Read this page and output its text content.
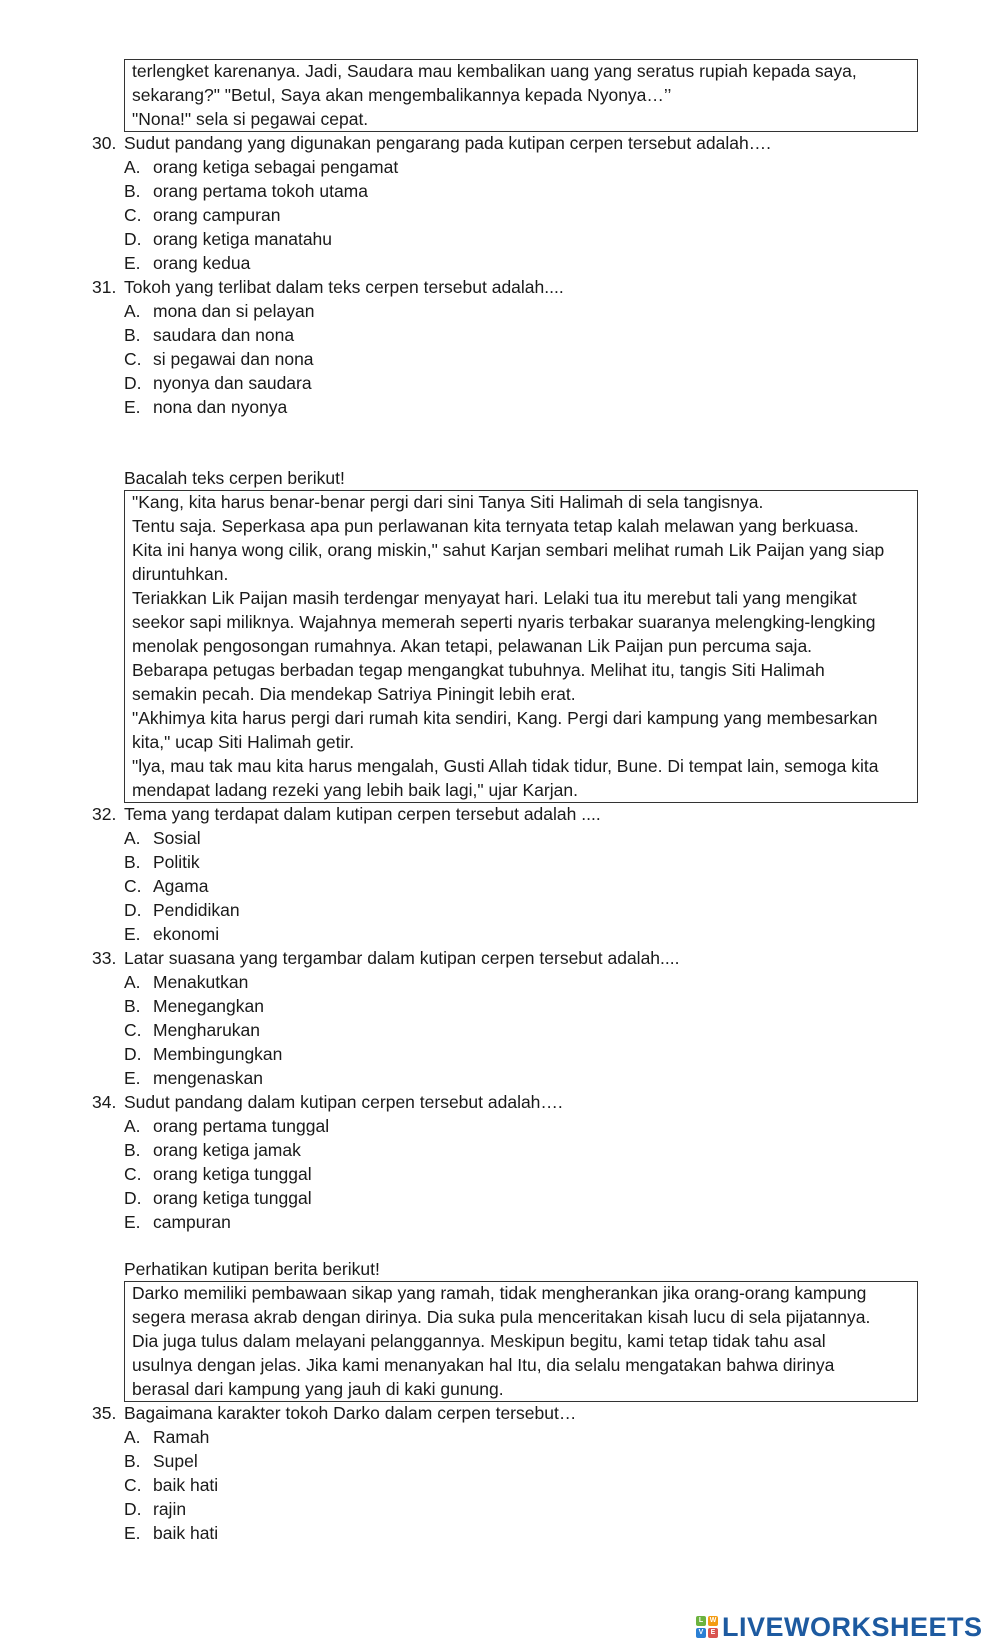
terlengket karenanya. Jadi, Saudara mau kembalikan uang yang seratus rupiah kepada saya,
sekarang?" "Betul, Saya akan mengembalikannya kepada Nyonya…’’
"Nona!" sela si pegawai cepat.
30. Sudut pandang yang digunakan pengarang pada kutipan cerpen tersebut adalah….
A. orang ketiga sebagai pengamat
B. orang pertama tokoh utama
C. orang campuran
D. orang ketiga manatahu
E. orang kedua
31. Tokoh yang terlibat dalam teks cerpen tersebut adalah....
A. mona dan si pelayan
B. saudara dan nona
C. si pegawai dan nona
D. nyonya dan saudara
E. nona dan nyonya
Bacalah teks cerpen berikut!
"Kang, kita harus benar-benar pergi dari sini Tanya Siti Halimah di sela tangisnya.
Tentu saja. Seperkasa apa pun perlawanan kita ternyata tetap kalah melawan yang berkuasa.
Kita ini hanya wong cilik, orang miskin," sahut Karjan sembari melihat rumah Lik Paijan yang siap
diruntuhkan.
Teriakkan Lik Paijan masih terdengar menyayat hari. Lelaki tua itu merebut tali yang mengikat
seekor sapi miliknya. Wajahnya memerah seperti nyaris terbakar suaranya melengking-lengking
menolak pengosongan rumahnya. Akan tetapi, pelawanan Lik Paijan pun percuma saja.
Bebarapa petugas berbadan tegap mengangkat tubuhnya. Melihat itu, tangis Siti Halimah
semakin pecah. Dia mendekap Satriya Piningit lebih erat.
"Akhimya kita harus pergi dari rumah kita sendiri, Kang. Pergi dari kampung yang membesarkan
kita," ucap Siti Halimah getir.
"lya, mau tak mau kita harus mengalah, Gusti Allah tidak tidur, Bune. Di tempat lain, semoga kita
mendapat ladang rezeki yang lebih baik lagi," ujar Karjan.
32. Tema yang terdapat dalam kutipan cerpen tersebut adalah ....
A. Sosial
B. Politik
C. Agama
D. Pendidikan
E. ekonomi
33. Latar suasana yang tergambar dalam kutipan cerpen tersebut adalah....
A. Menakutkan
B. Menegangkan
C. Mengharukan
D. Membingungkan
E. mengenaskan
34. Sudut pandang dalam kutipan cerpen tersebut adalah….
A. orang pertama tunggal
B. orang ketiga jamak
C. orang ketiga tunggal
D. orang ketiga tunggal
E. campuran
Perhatikan kutipan berita berikut!
Darko memiliki pembawaan sikap yang ramah, tidak mengherankan jika orang-orang kampung
segera merasa akrab dengan dirinya. Dia suka pula menceritakan kisah lucu di sela pijatannya.
Dia juga tulus dalam melayani pelanggannya. Meskipun begitu, kami tetap tidak tahu asal
usulnya dengan jelas. Jika kami menanyakan hal Itu, dia selalu mengatakan bahwa dirinya
berasal dari kampung yang jauh di kaki gunung.
35. Bagaimana karakter tokoh Darko dalam cerpen tersebut…
A. Ramah
B. Supel
C. baik hati
D. rajin
E. baik hati
L W
V	E LIVEWORKSHEETS
